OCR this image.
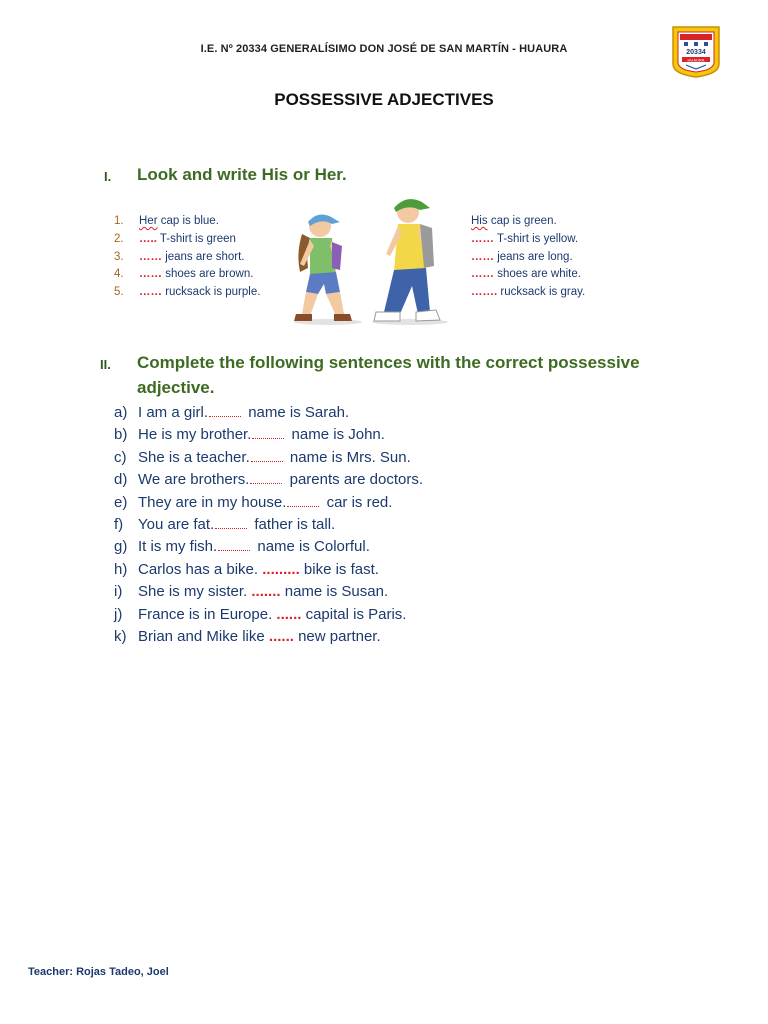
I.E. Nº 20334 GENERALÍSIMO DON JOSÉ DE SAN MARTÍN - HUAURA	20334
HUAURA
POSSESSIVE ADJECTIVES
I. Look and write His or Her.
1.	Her cap is blue.
2.	….. T-shirt is green
3.	…… jeans are short.
4.	…… shoes are brown.
5.	…… rucksack is purple.
His cap is green.
…… T-shirt is yellow.
…… jeans are long.
…… shoes are white.
……. rucksack is gray.
II. Complete the following sentences with the correct possessive
adjective.
a) I am a girl. name is Sarah.
b) He is my brother. name is John.
c) She is a teacher. name is Mrs. Sun.
d) We are brothers. parents are doctors.
e) They are in my house. car is red.
f) You are fat. father is tall.
g) It is my fish. name is Colorful.
h) Carlos has a bike. ......... bike is fast.
i)	She is my sister. ....... name is Susan.
j)	France is in Europe. ...... capital is Paris.
k) Brian and Mike like ...... new partner.
Teacher: Rojas Tadeo, Joel
